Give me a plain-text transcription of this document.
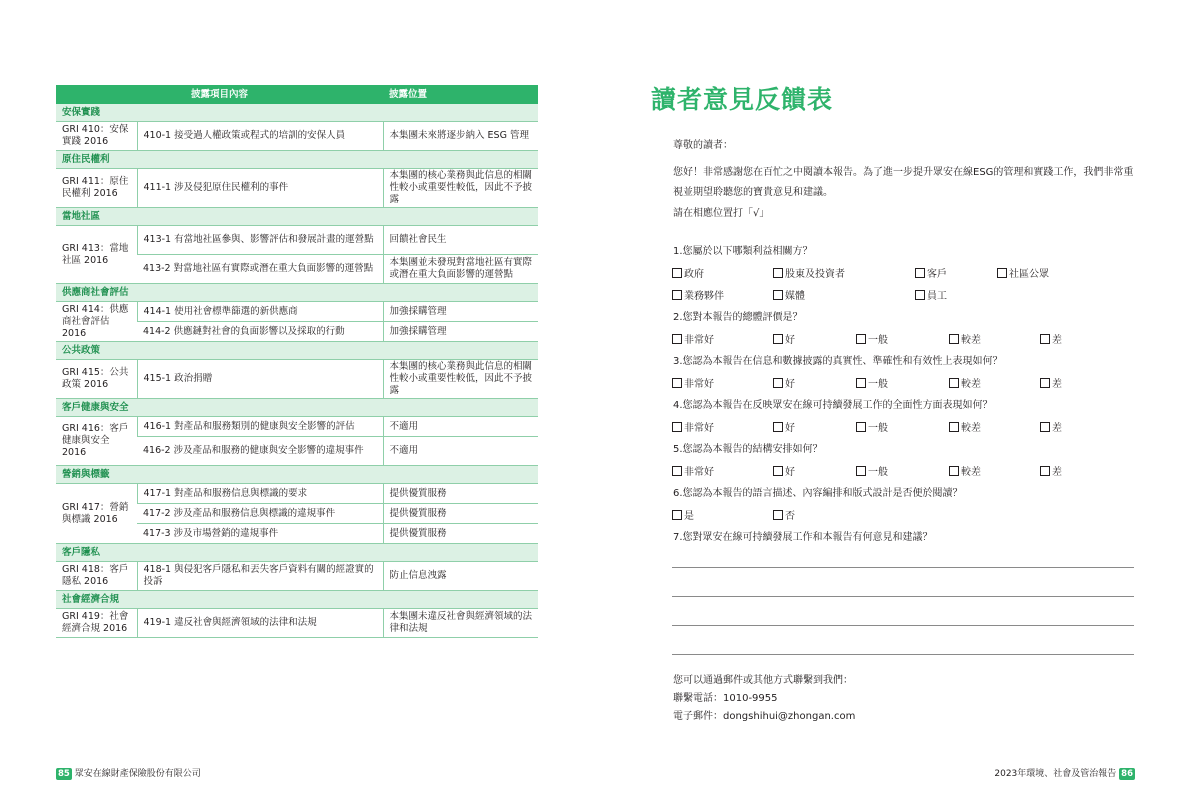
披露項目內容		披露位置
安保實踐		
GRI 410：安保實踐 2016	410-1 接受過人權政策或程式的培訓的安保人員	本集團未來將逐步納入 ESG 管理
原住民權利		
GRI 411：原住民權利 2016	411-1 涉及侵犯原住民權利的事件	本集團的核心業務與此信息的相關性較小或重要性較低，因此不予披露
當地社區		
GRI 413：當地社區 2016	413-1 有當地社區參與、影響評估和發展計畫的運營點	回饋社會民生
	413-2 對當地社區有實際或潛在重大負面影響的運營點	本集團並未發現對當地社區有實際或潛在重大負面影響的運營點
供應商社會評估		
GRI 414：供應商社會評估 2016	414-1 使用社會標準篩選的新供應商	加強採購管理
	414-2 供應鏈對社會的負面影響以及採取的行動	加強採購管理
公共政策		
GRI 415：公共政策 2016	415-1 政治捐贈	本集團的核心業務與此信息的相關性較小或重要性較低，因此不予披露
客戶健康與安全		
GRI 416：客戶健康與安全 2016	416-1 對產品和服務類別的健康與安全影響的評估	不適用
	416-2 涉及產品和服務的健康與安全影響的違規事件	不適用
營銷與標籤		
GRI 417：營銷與標識 2016	417-1 對產品和服務信息與標識的要求	提供優質服務
	417-2 涉及產品和服務信息與標識的違規事件	提供優質服務
	417-3 涉及市場營銷的違規事件	提供優質服務
客戶隱私		
GRI 418：客戶隱私 2016	418-1 與侵犯客戶隱私和丟失客戶資料有關的經證實的投訴	防止信息洩露
社會經濟合規		
GRI 419：社會經濟合規 2016	419-1 違反社會與經濟領域的法律和法規	本集團未違反社會與經濟領域的法律和法規
85 眾安在線財產保險股份有限公司
讀者意見反饋表
尊敬的讀者：
您好！非常感謝您在百忙之中閱讀本報告。為了進一步提升眾安在線ESG的管理和實踐工作，我們非常重視並期望聆聽您的寶貴意見和建議。
請在相應位置打「√」
1.您屬於以下哪類利益相關方？
政府	股東及投資者	客戶	社區公眾
業務夥伴	媒體	員工
2.您對本報告的總體評價是？
非常好	好	一般	較差	差
3.您認為本報告在信息和數據披露的真實性、準確性和有效性上表現如何？
非常好	好	一般	較差	差
4.您認為本報告在反映眾安在線可持續發展工作的全面性方面表現如何？
非常好	好	一般	較差	差
5.您認為本報告的結構安排如何？
非常好	好	一般	較差	差
6.您認為本報告的語言描述、內容編排和版式設計是否便於閱讀？
是	否
7.您對眾安在線可持續發展工作和本報告有何意見和建議？
您可以通過郵件或其他方式聯繫到我們：
聯繫電話：1010-9955
電子郵件：dongshihui@zhongan.com
2023年環境、社會及管治報告 86
